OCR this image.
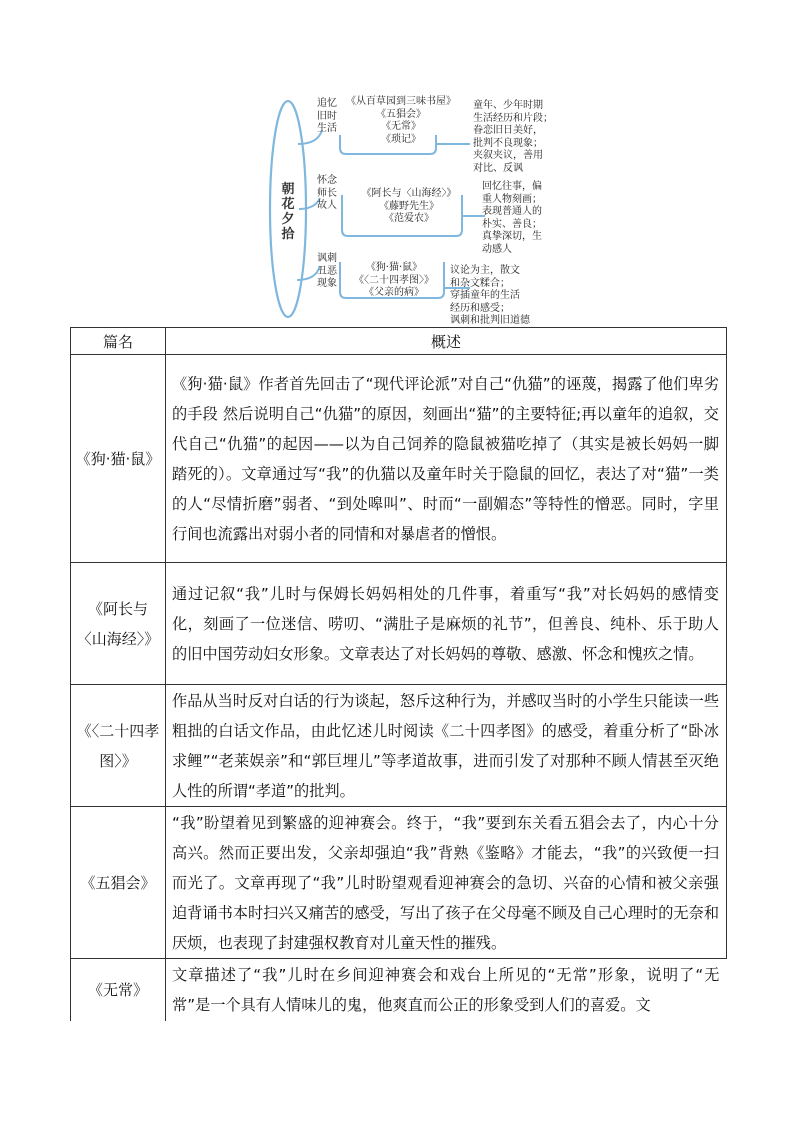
朝
花
夕
拾
追忆
旧时
生活
《从百草园到三味书屋》
《五猖会》
《无常》
《琐记》
童年、少年时期
生活经历和片段；
眷恋旧日美好，
批判不良现象；
夹叙夹议，善用
对比、反讽
怀念
师长
故人
《阿长与〈山海经〉》
《藤野先生》
《范爱农》
回忆往事，偏
重人物刻画；
表现普通人的
朴实、善良；
真挚深切，生
动感人
讽刺
丑恶
现象
《狗·猫·鼠》
《〈二十四孝图〉》
《父亲的病》
议论为主，散文
和杂文糅合；
穿插童年的生活
经历和感受；
讽刺和批判旧道德
篇名	概述
《狗·猫·鼠》	《狗·猫·鼠》作者首先回击了“现代评论派”对自己“仇猫”的诬蔑，揭露了他们卑劣的手段 然后说明自己“仇猫”的原因，刻画出“猫”的主要特征;再以童年的追叙，交代自己“仇猫”的起因——以为自己饲养的隐鼠被猫吃掉了（其实是被长妈妈一脚踏死的）。文章通过写“我”的仇猫以及童年时关于隐鼠的回忆，表达了对“猫”一类的人“尽情折磨”弱者、“到处嗥叫”、时而“一副媚态”等特性的憎恶。同时，字里行间也流露出对弱小者的同情和对暴虐者的憎恨。
《阿长与〈山海经〉》	通过记叙“我”儿时与保姆长妈妈相处的几件事，着重写“我”对长妈妈的感情变化，刻画了一位迷信、唠叨、“满肚子是麻烦的礼节”，但善良、纯朴、乐于助人的旧中国劳动妇女形象。文章表达了对长妈妈的尊敬、感激、怀念和愧疚之情。
《〈二十四孝图〉》	作品从当时反对白话的行为谈起，怒斥这种行为，并感叹当时的小学生只能读一些粗拙的白话文作品，由此忆述儿时阅读《二十四孝图》的感受，着重分析了“卧冰求鲤”“老莱娱亲”和“郭巨埋儿”等孝道故事，进而引发了对那种不顾人情甚至灭绝人性的所谓“孝道”的批判。
《五猖会》	“我”盼望着见到繁盛的迎神赛会。终于，“我”要到东关看五猖会去了，内心十分高兴。然而正要出发，父亲却强迫“我”背熟《鉴略》才能去，“我”的兴致便一扫而光了。文章再现了“我”儿时盼望观看迎神赛会的急切、兴奋的心情和被父亲强迫背诵书本时扫兴又痛苦的感受，写出了孩子在父母毫不顾及自己心理时的无奈和厌烦，也表现了封建强权教育对儿童天性的摧残。
《无常》	文章描述了“我”儿时在乡间迎神赛会和戏台上所见的“无常”形象，说明了“无常”是一个具有人情味儿的鬼，他爽直而公正的形象受到人们的喜爱。文
